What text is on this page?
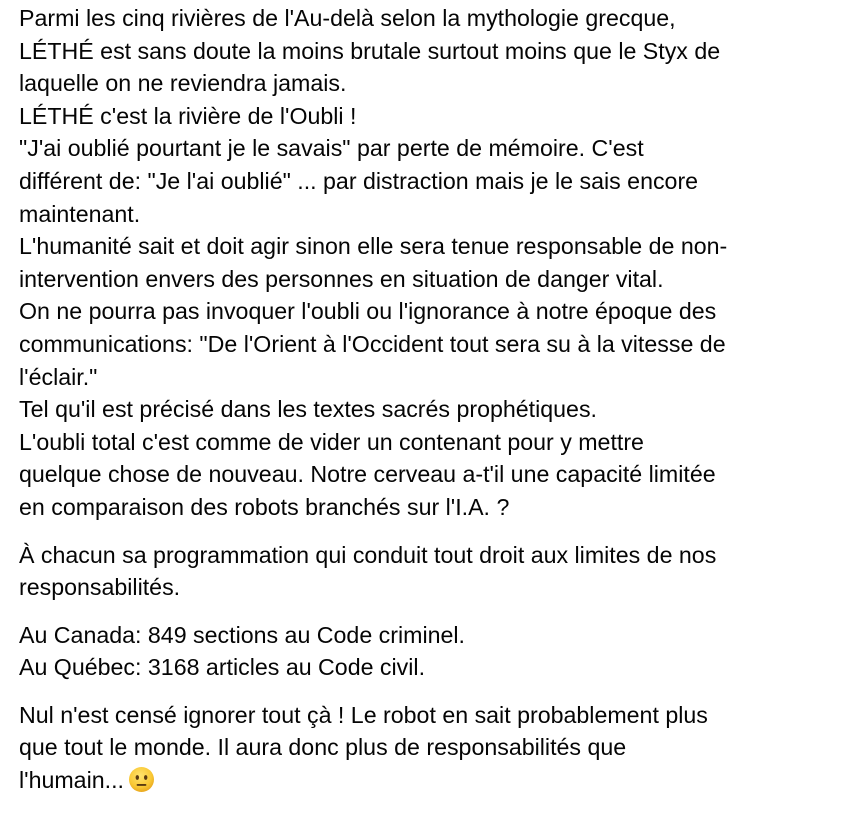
Parmi les cinq rivières de l'Au-delà selon la mythologie grecque,
LÉTHÉ est sans doute la moins brutale surtout moins que le Styx de
laquelle on ne reviendra jamais.
LÉTHÉ c'est la rivière de l'Oubli !
"J'ai oublié pourtant je le savais" par perte de mémoire. C'est
différent de: "Je l'ai oublié" ... par distraction mais je le sais encore
maintenant.
L'humanité sait et doit agir sinon elle sera tenue responsable de non-
intervention envers des personnes en situation de danger vital.
On ne pourra pas invoquer l'oubli ou l'ignorance à notre époque des
communications: "De l'Orient à l'Occident tout sera su à la vitesse de
l'éclair."
Tel qu'il est précisé dans les textes sacrés prophétiques.
L'oubli total c'est comme de vider un contenant pour y mettre
quelque chose de nouveau. Notre cerveau a-t'il une capacité limitée
en comparaison des robots branchés sur l'I.A. ?
À chacun sa programmation qui conduit tout droit aux limites de nos
responsabilités.
Au Canada: 849 sections au Code criminel.
Au Québec: 3168 articles au Code civil.
Nul n'est censé ignorer tout çà ! Le robot en sait probablement plus
que tout le monde. Il aura donc plus de responsabilités que
l'humain...
